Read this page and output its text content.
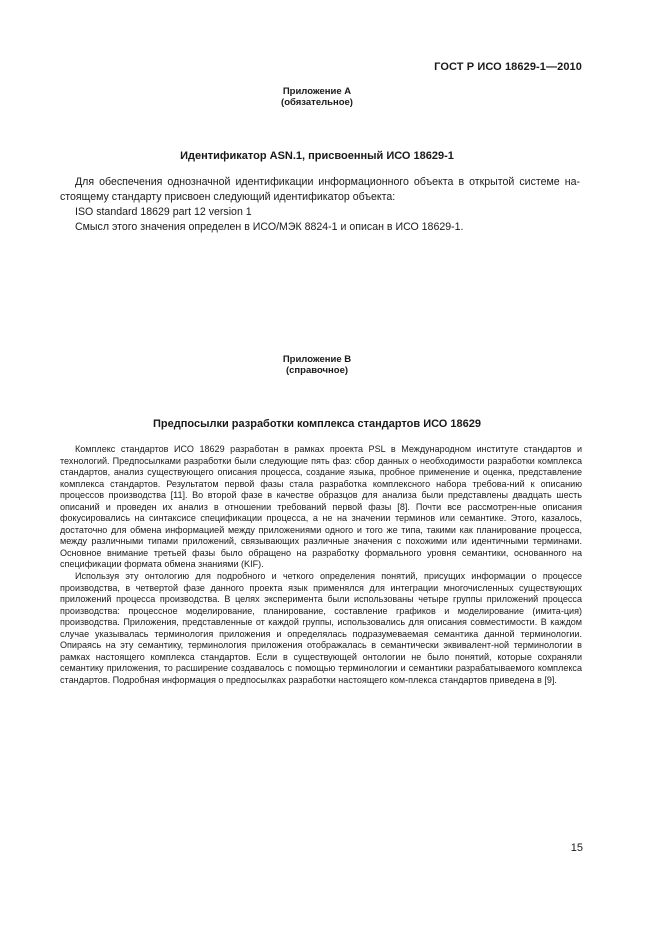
ГОСТ Р ИСО 18629-1—2010
Приложение А
(обязательное)
Идентификатор ASN.1, присвоенный ИСО 18629-1

Для обеспечения однозначной идентификации информационного объекта в открытой системе на-стоящему стандарту присвоен следующий идентификатор объекта:

ISO standard 18629 part 12 version 1

Смысл этого значения определен в ИСО/МЭК 8824-1 и описан в ИСО 18629-1.

Приложение В
(справочное)
Предпосылки разработки комплекса стандартов ИСО 18629

Комплекс стандартов ИСО 18629 разработан в рамках проекта PSL в Международном институте стандартов и технологий. Предпосылками разработки были следующие пять фаз: сбор данных о необходимости разработки комплекса стандартов, анализ существующего описания процесса, создание языка, пробное применение и оценка, представление комплекса стандартов. Результатом первой фазы стала разработка комплексного набора требова-ний к описанию процессов производства [11]. Во второй фазе в качестве образцов для анализа были представлены двадцать шесть описаний и проведен их анализ в отношении требований первой фазы [8]. Почти все рассмотрен-ные описания фокусировались на синтаксисе спецификации процесса, а не на значении терминов или семантике. Этого, казалось, достаточно для обмена информацией между приложениями одного и того же типа, такими как планирование процесса, между различными типами приложений, связывающих различные значения с похожими или идентичными терминами. Основное внимание третьей фазы было обращено на разработку формального уровня семантики, основанного на спецификации формата обмена знаниями (KIF).

Используя эту онтологию для подробного и четкого определения понятий, присущих информации о процессе производства, в четвертой фазе данного проекта язык применялся для интеграции многочисленных существующих приложений процесса производства. В целях эксперимента были использованы четыре группы приложений процесса производства: процессное моделирование, планирование, составление графиков и моделирование (имита-ция) производства. Приложения, представленные от каждой группы, использовались для описания совместимости. В каждом случае указывалась терминология приложения и определялась подразумеваемая семантика данной терминологии. Опираясь на эту семантику, терминология приложения отображалась в семантически эквивалент-ной терминологии в рамках настоящего комплекса стандартов. Если в существующей онтологии не было понятий, которые сохраняли семантику приложения, то расширение создавалось с помощью терминологии и семантики разрабатываемого комплекса стандартов. Подробная информация о предпосылках разработки настоящего ком-плекса стандартов приведена в [9].

15
